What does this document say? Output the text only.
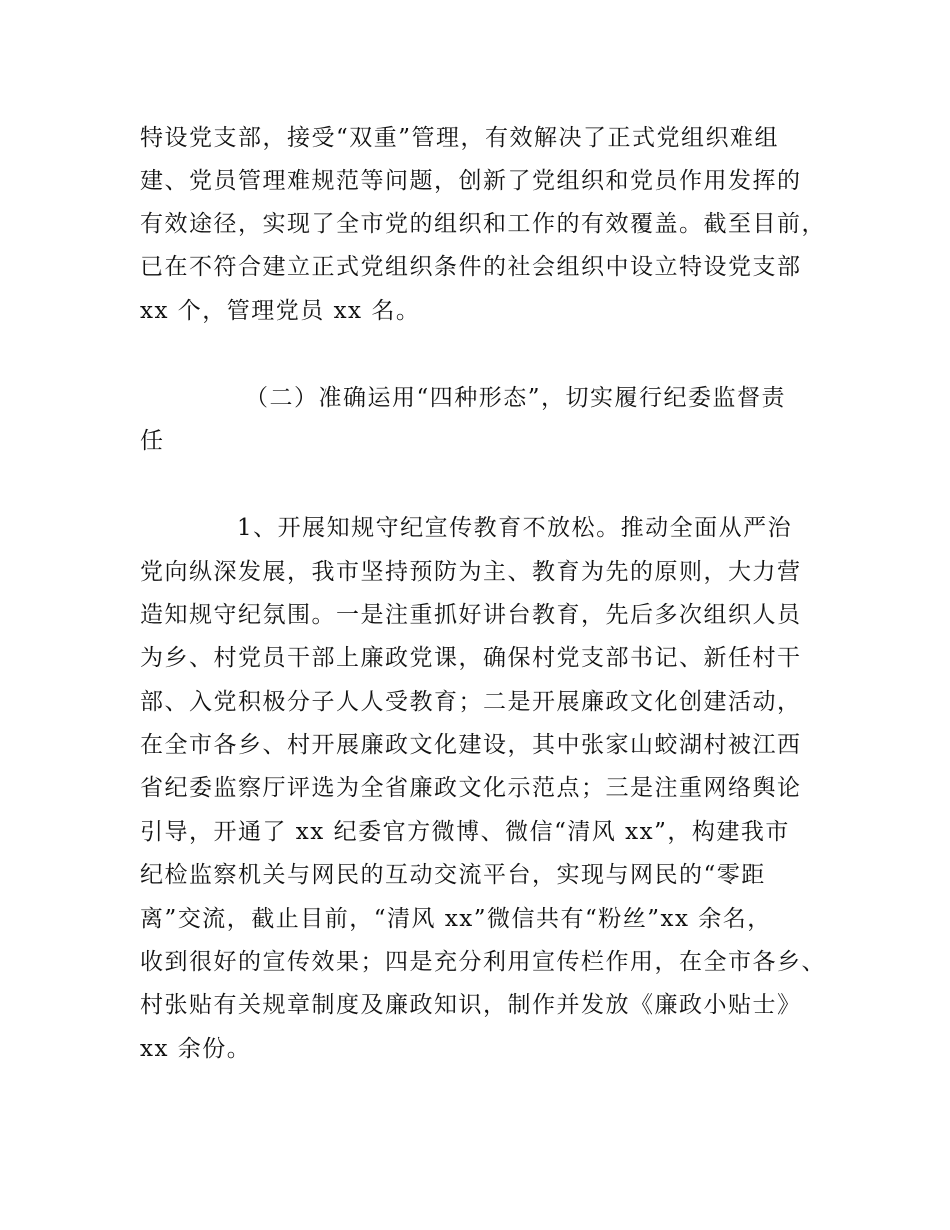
特设党支部，接受“双重”管理，有效解决了正式党组织难组
建、党员管理难规范等问题，创新了党组织和党员作用发挥的
有效途径，实现了全市党的组织和工作的有效覆盖。截至目前，
已在不符合建立正式党组织条件的社会组织中设立特设党支部
xx 个，管理党员 xx 名。
（二）准确运用“四种形态”，切实履行纪委监督责
任
1、开展知规守纪宣传教育不放松。推动全面从严治
党向纵深发展，我市坚持预防为主、教育为先的原则，大力营
造知规守纪氛围。一是注重抓好讲台教育，先后多次组织人员
为乡、村党员干部上廉政党课，确保村党支部书记、新任村干
部、入党积极分子人人受教育；二是开展廉政文化创建活动，
在全市各乡、村开展廉政文化建设，其中张家山蛟湖村被江西
省纪委监察厅评选为全省廉政文化示范点；三是注重网络舆论
引导，开通了 xx 纪委官方微博、微信“清风 xx”，构建我市
纪检监察机关与网民的互动交流平台，实现与网民的“零距
离”交流，截止目前，“清风 xx”微信共有“粉丝”xx 余名，
收到很好的宣传效果；四是充分利用宣传栏作用，在全市各乡、
村张贴有关规章制度及廉政知识，制作并发放《廉政小贴士》
xx 余份。
